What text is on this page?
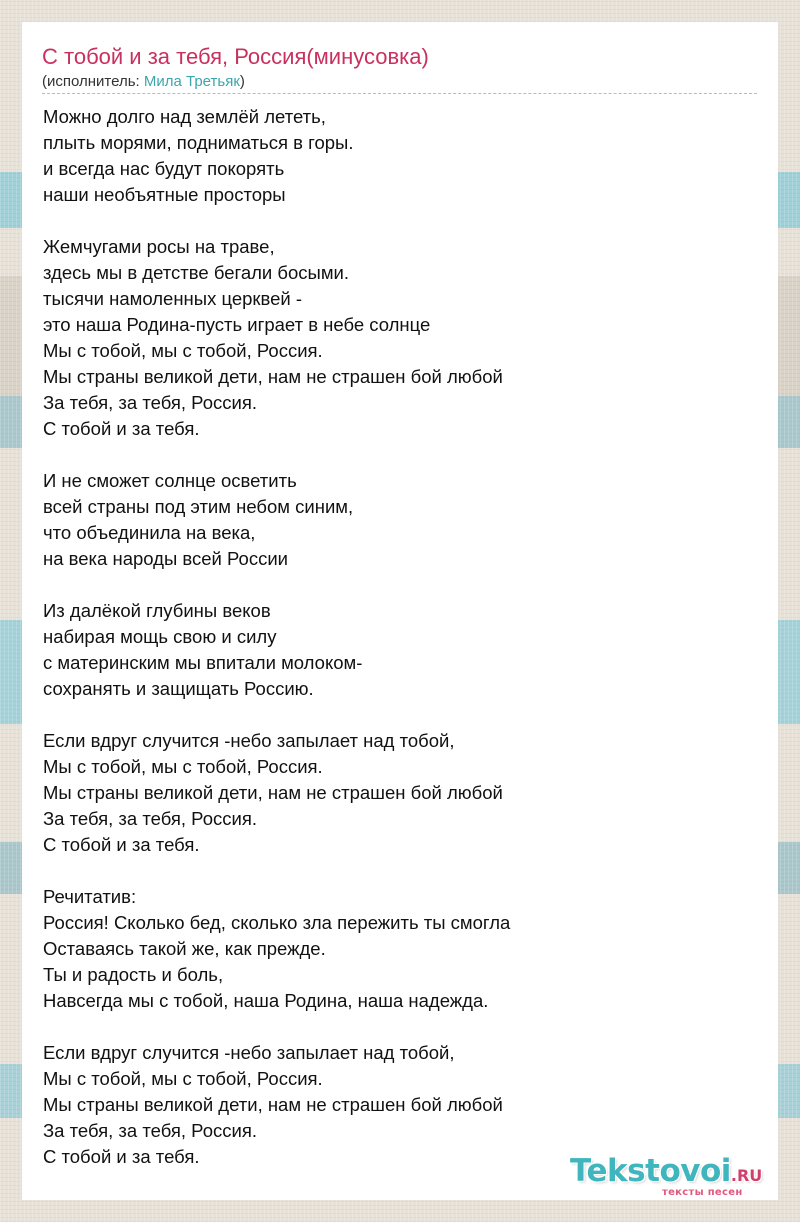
С тобой и за тебя, Россия(минусовка)
(исполнитель: Мила Третьяк)
Можно долго над землёй лететь,
плыть морями, подниматься в горы.
и всегда нас будут покорять
наши необъятные просторы
Жемчугами росы на траве,
здесь мы в детстве бегали босыми.
тысячи намоленных церквей -
это наша Родина-пусть играет в небе солнце
Мы с тобой, мы с тобой, Россия.
Мы страны великой дети, нам не страшен бой любой
За тебя, за тебя, Россия.
С тобой и за тебя.
И не сможет солнце осветить
всей страны под этим небом синим,
что объединила на века,
на века народы всей России
Из далёкой глубины веков
набирая мощь свою и силу
с материнским мы впитали молоком-
сохранять и защищать Россию.
Если вдруг случится -небо запылает над тобой,
Мы с тобой, мы с тобой, Россия.
Мы страны великой дети, нам не страшен бой любой
За тебя, за тебя, Россия.
С тобой и за тебя.
Речитатив:
Россия! Сколько бед, сколько зла пережить ты смогла
Оставаясь такой же, как прежде.
Ты и радость и боль,
Навсегда мы с тобой, наша Родина, наша надежда.
Если вдруг случится -небо запылает над тобой,
Мы с тобой, мы с тобой, Россия.
Мы страны великой дети, нам не страшен бой любой
За тебя, за тебя, Россия.
С тобой и за тебя.	Tekstovoi.RU
тексты песен
